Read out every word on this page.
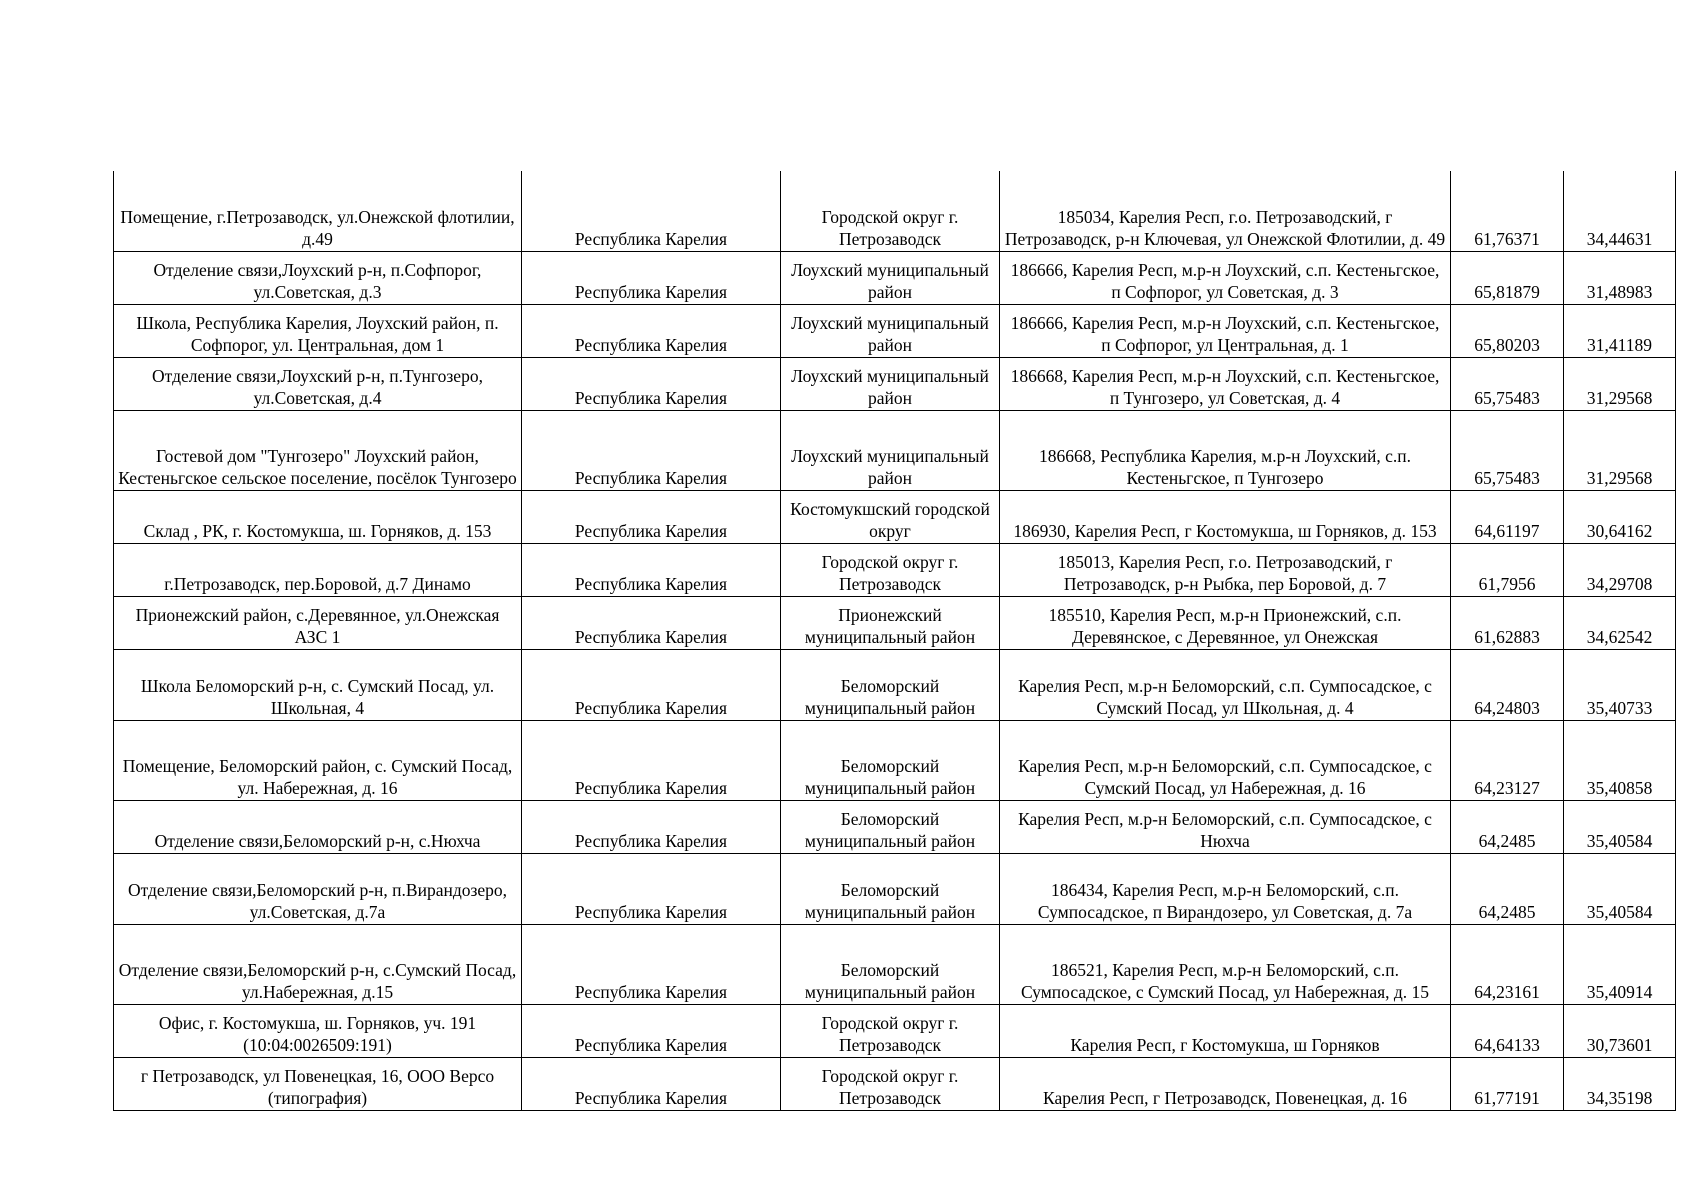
Помещение, г.Петрозаводск, ул.Онежской флотилии, д.49	Республика Карелия	Городской округ г. Петрозаводск	185034, Карелия Респ, г.о. Петрозаводский, г Петрозаводск, р-н Ключевая, ул Онежской Флотилии, д. 49	61,76371	34,44631
Отделение связи,Лоухский р-н, п.Софпорог, ул.Советская, д.3	Республика Карелия	Лоухский муниципальный район	186666, Карелия Респ, м.р-н Лоухский, с.п. Кестеньгское, п Софпорог, ул Советская, д. 3	65,81879	31,48983
Школа, Республика Карелия, Лоухский район, п. Софпорог, ул. Центральная, дом 1	Республика Карелия	Лоухский муниципальный район	186666, Карелия Респ, м.р-н Лоухский, с.п. Кестеньгское, п Софпорог, ул Центральная, д. 1	65,80203	31,41189
Отделение связи,Лоухский р-н, п.Тунгозеро, ул.Советская, д.4	Республика Карелия	Лоухский муниципальный район	186668, Карелия Респ, м.р-н Лоухский, с.п. Кестеньгское, п Тунгозеро, ул Советская, д. 4	65,75483	31,29568
Гостевой дом "Тунгозеро" Лоухский район, Кестеньгское сельское поселение, посёлок Тунгозеро	Республика Карелия	Лоухский муниципальный район	186668, Республика Карелия, м.р-н Лоухский, с.п. Кестеньгское, п Тунгозеро	65,75483	31,29568
Склад , РК, г. Костомукша, ш. Горняков, д. 153	Республика Карелия	Костомукшский городской округ	186930, Карелия Респ, г Костомукша, ш Горняков, д. 153	64,61197	30,64162
г.Петрозаводск, пер.Боровой, д.7 Динамо	Республика Карелия	Городской округ г. Петрозаводск	185013, Карелия Респ, г.о. Петрозаводский, г Петрозаводск, р-н Рыбка, пер Боровой, д. 7	61,7956	34,29708
Прионежский район, с.Деревянное, ул.Онежская АЗС 1	Республика Карелия	Прионежский муниципальный район	185510, Карелия Респ, м.р-н Прионежский, с.п. Деревянское, с Деревянное, ул Онежская	61,62883	34,62542
Школа Беломорский р-н, с. Сумский Посад, ул. Школьная, 4	Республика Карелия	Беломорский муниципальный район	Карелия Респ, м.р-н Беломорский, с.п. Сумпосадское, с Сумский Посад, ул Школьная, д. 4	64,24803	35,40733
Помещение, Беломорский район, с. Сумский Посад, ул. Набережная, д. 16	Республика Карелия	Беломорский муниципальный район	Карелия Респ, м.р-н Беломорский, с.п. Сумпосадское, с Сумский Посад, ул Набережная, д. 16	64,23127	35,40858
Отделение связи,Беломорский р-н, с.Нюхча	Республика Карелия	Беломорский муниципальный район	Карелия Респ, м.р-н Беломорский, с.п. Сумпосадское, с Нюхча	64,2485	35,40584
Отделение связи,Беломорский р-н, п.Вирандозеро, ул.Советская, д.7а	Республика Карелия	Беломорский муниципальный район	186434, Карелия Респ, м.р-н Беломорский, с.п. Сумпосадское, п Вирандозеро, ул Советская, д. 7а	64,2485	35,40584
Отделение связи,Беломорский р-н, с.Сумский Посад, ул.Набережная, д.15	Республика Карелия	Беломорский муниципальный район	186521, Карелия Респ, м.р-н Беломорский, с.п. Сумпосадское, с Сумский Посад, ул Набережная, д. 15	64,23161	35,40914
Офис, г. Костомукша, ш. Горняков, уч. 191 (10:04:0026509:191)	Республика Карелия	Городской округ г. Петрозаводск	Карелия Респ, г Костомукша, ш Горняков	64,64133	30,73601
г Петрозаводск, ул Повенецкая, 16, ООО Версо (типография)	Республика Карелия	Городской округ г. Петрозаводск	Карелия Респ, г Петрозаводск, Повенецкая, д. 16	61,77191	34,35198
